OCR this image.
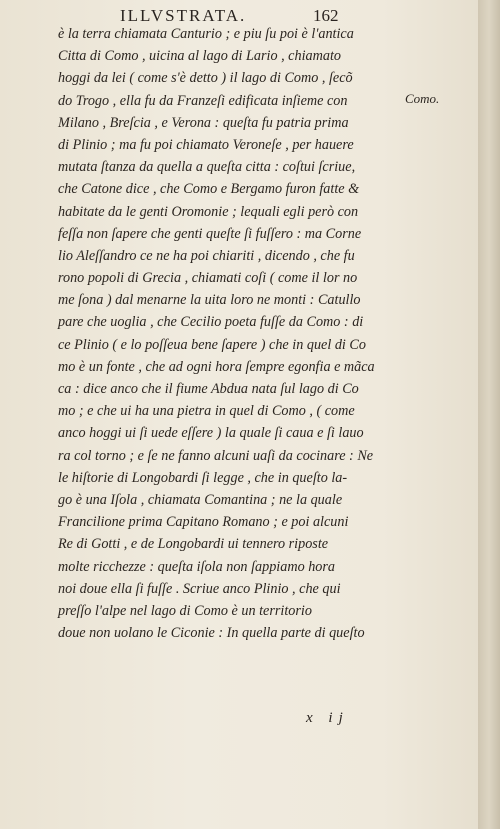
ILLVSTRATA.	162
è la terra chiamata Canturio ; e piu ſu poi è l'antica
Citta di Como , uicina al lago di Lario , chiamato
hoggi da lei ( come s'è detto ) il lago di Como , ſecõ
do Trogo , ella fu da Franzeſi edificata inſieme con
Milano , Breſcia , e Verona : queſta fu patria prima
di Plinio ; ma fu poi chiamato Veroneſe , per hauere
mutata ſtanza da quella a queſta citta : coſtui ſcriue,
che Catone dice , che Como e Bergamo furon fatte &
habitate da le genti Oromonie ; lequali egli però con
feſſa non ſapere che genti queſte ſi fuſſero : ma Corne
lio Aleſſandro ce ne ha poi chiariti , dicendo , che fu
rono popoli di Grecia , chiamati coſi ( come il lor no
me ſona ) dal menarne la uita loro ne monti : Catullo
pare che uoglia , che Cecilio poeta fuſſe da Como : di
ce Plinio ( e lo poſſeua bene ſapere ) che in quel di Co
mo è un fonte , che ad ogni hora ſempre egonfia e mãca
ca : dice anco che il fiume Abdua nata ſul lago di Co
mo ; e che ui ha una pietra in quel di Como , ( come
anco hoggi ui ſi uede eſſere ) la quale ſi caua e ſi lauo
ra col torno ; e ſe ne fanno alcuni uaſi da cocinare : Ne
le hiſtorie di Longobardi ſi legge , che in queſto la-
go è una Iſola , chiamata Comantina ; ne la quale
Francilione prima Capitano Romano ; e poi alcuni
Re di Gotti , e de Longobardi ui tennero riposte
molte ricchezze : queſta iſola non ſappiamo hora
noi doue ella ſi fuſſe . Scriue anco Plinio , che qui
preſſo l'alpe nel lago di Como è un territorio
doue non uolano le Ciconie : In quella parte di queſto
Como.
x ij
